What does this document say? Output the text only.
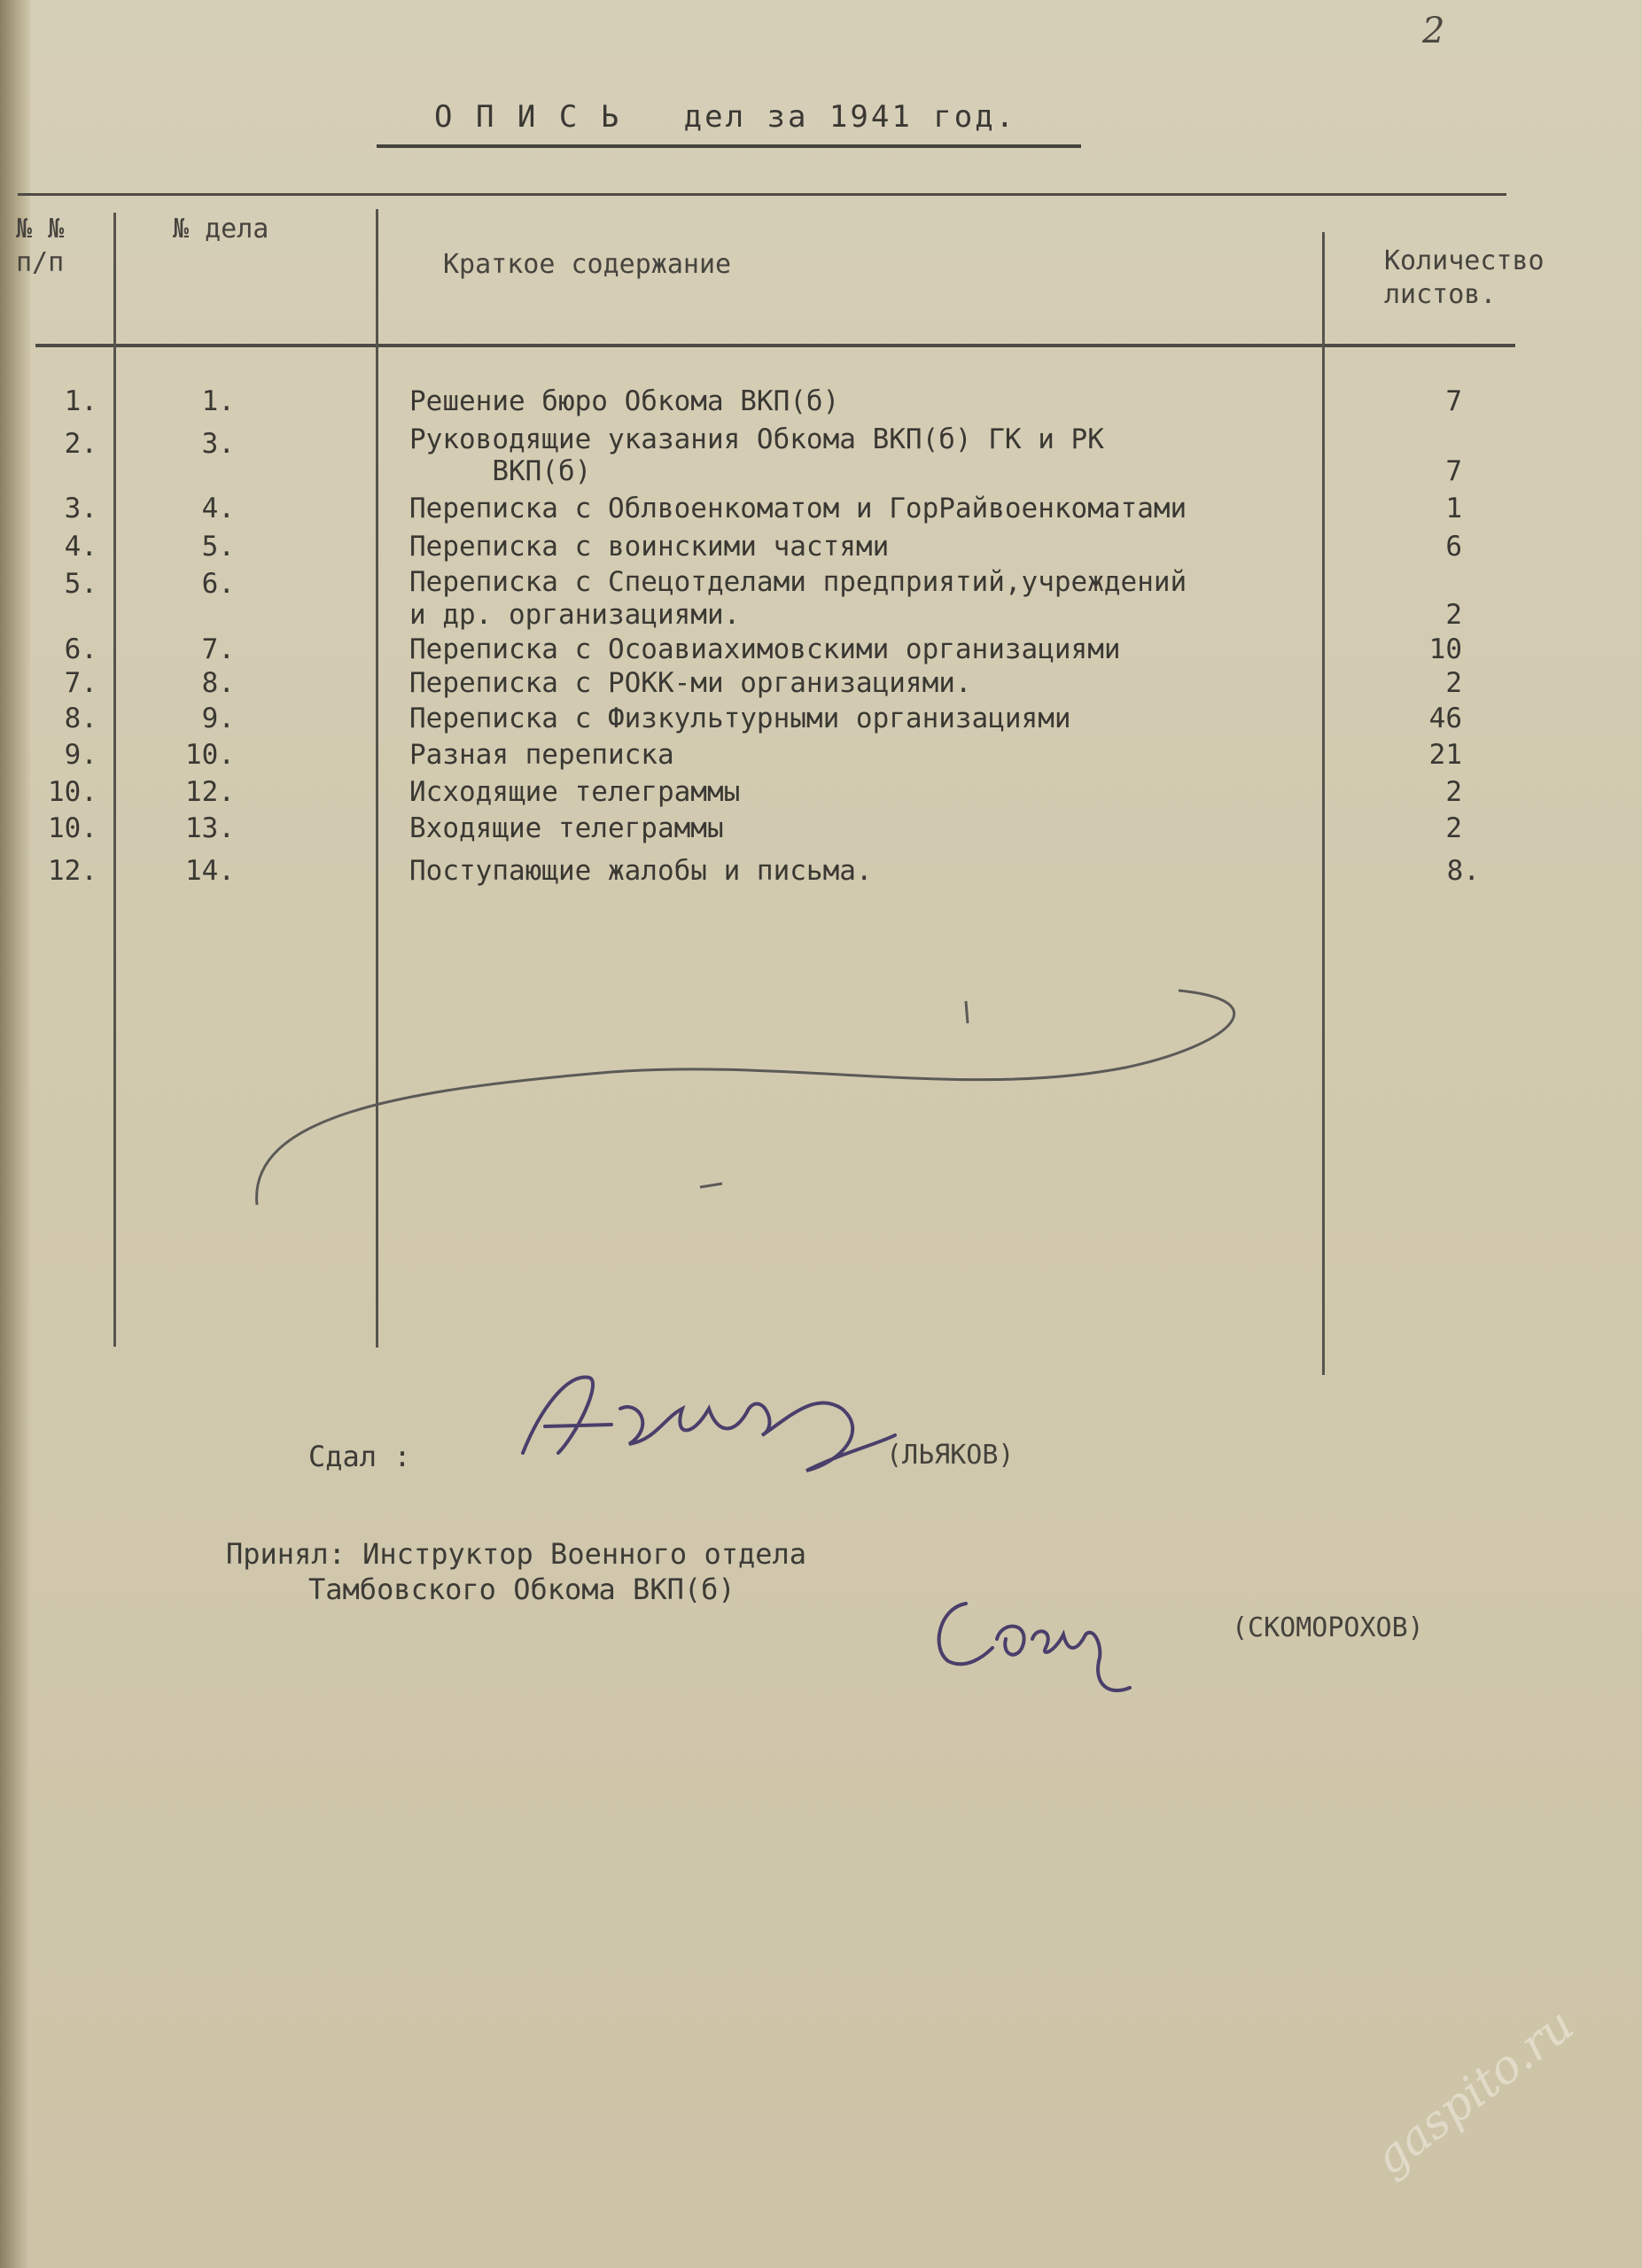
2
О П И С Ь   дел за 1941 год.
№ №
п/п
№ дела
Краткое содержание	Количество
листов.
1.	1.	Решение бюро Обкома ВКП(б)	7
2.	3.	Руководящие указания Обкома ВКП(б) ГК и РК
ВКП(б)	7
3.	4.	Переписка с Облвоенкоматом и ГорРайвоенкоматами	1
4.	5.	Переписка с воинскими частями	6
5.	6.	Переписка с Спецотделами предприятий,учреждений
и др. организациями.	2
6.	7.	Переписка с Осоавиахимовскими организациями	10
7.	8.	Переписка с РОКК-ми организациями.	2
8.	9.	Переписка с Физкультурными организациями	46
9.	10.	Разная переписка	21
10.	12.	Исходящие телеграммы	2
10.	13.	Входящие телеграммы	2
12.	14.	Поступающие жалобы и письма.	8.
Сдал :	(ЛЬЯКОВ)
Принял: Инструктор Военного отдела
Тамбовского Обкома ВКП(б)
(СКОМОРОХОВ)
gaspito.ru
